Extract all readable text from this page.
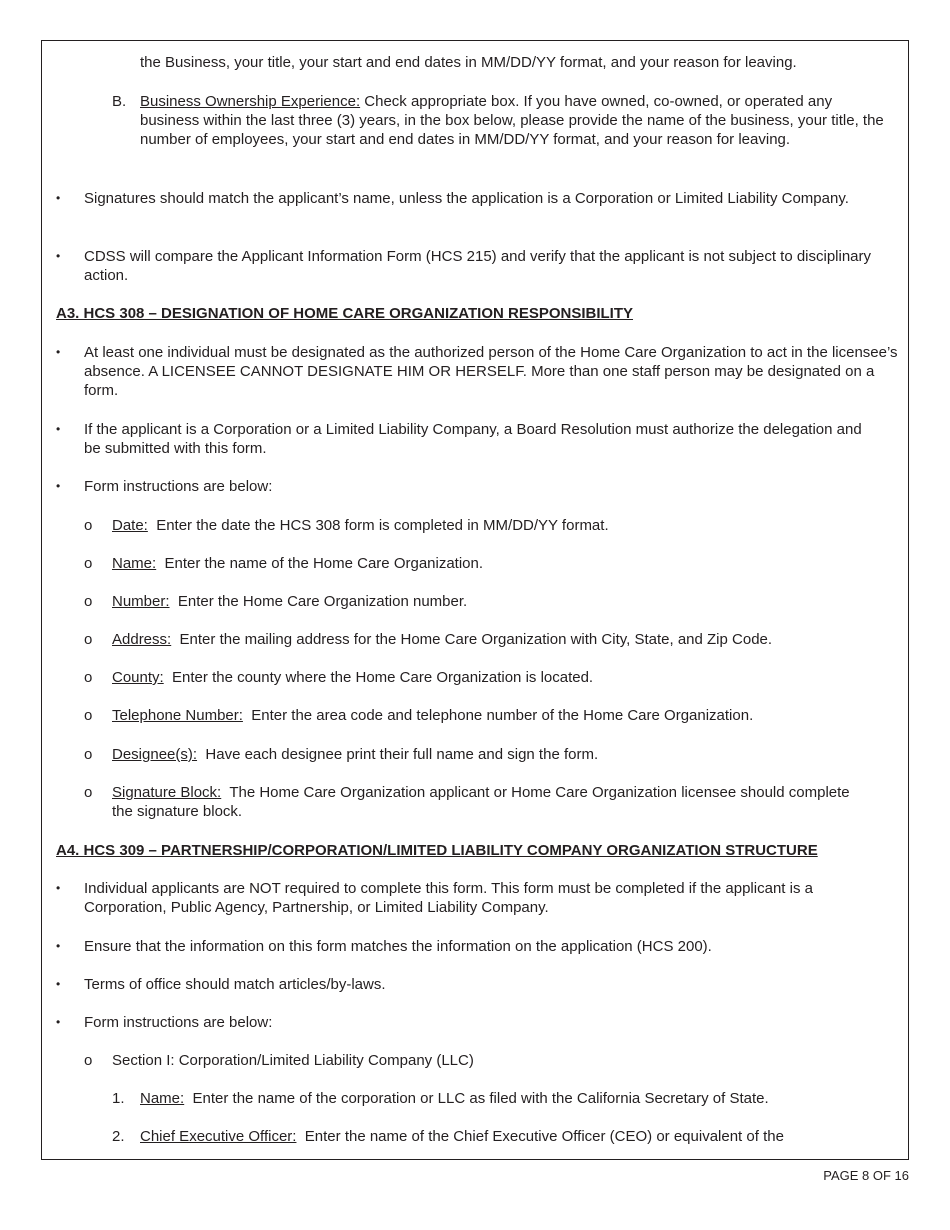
the Business, your title, your start and end dates in MM/DD/YY format, and your reason for leaving.

B. Business Ownership Experience: Check appropriate box. If you have owned, co-owned, or operated any business within the last three (3) years, in the box below, please provide the name of the business, your title, the number of employees, your start and end dates in MM/DD/YY format, and your reason for leaving.

• Signatures should match the applicant’s name, unless the application is a Corporation or Limited Liability Company.

• CDSS will compare the Applicant Information Form (HCS 215) and verify that the applicant is not subject to disciplinary action.

A3. HCS 308 – DESIGNATION OF HOME CARE ORGANIZATION RESPONSIBILITY

• At least one individual must be designated as the authorized person of the Home Care Organization to act in the licensee’s absence. A LICENSEE CANNOT DESIGNATE HIM OR HERSELF. More than one staff person may be designated on a form.

• If the applicant is a Corporation or a Limited Liability Company, a Board Resolution must authorize the delegation and be submitted with this form.

• Form instructions are below:

o Date: Enter the date the HCS 308 form is completed in MM/DD/YY format.

o Name: Enter the name of the Home Care Organization.

o Number: Enter the Home Care Organization number.

o Address: Enter the mailing address for the Home Care Organization with City, State, and Zip Code.

o County: Enter the county where the Home Care Organization is located.

o Telephone Number: Enter the area code and telephone number of the Home Care Organization.

o Designee(s): Have each designee print their full name and sign the form.

o Signature Block: The Home Care Organization applicant or Home Care Organization licensee should complete the signature block.

A4. HCS 309 – PARTNERSHIP/CORPORATION/LIMITED LIABILITY COMPANY ORGANIZATION STRUCTURE

• Individual applicants are NOT required to complete this form. This form must be completed if the applicant is a Corporation, Public Agency, Partnership, or Limited Liability Company.

• Ensure that the information on this form matches the information on the application (HCS 200).

• Terms of office should match articles/by-laws.

• Form instructions are below:

o Section I: Corporation/Limited Liability Company (LLC)

1. Name: Enter the name of the corporation or LLC as filed with the California Secretary of State.

2. Chief Executive Officer: Enter the name of the Chief Executive Officer (CEO) or equivalent of the

PAGE 8 OF 16
